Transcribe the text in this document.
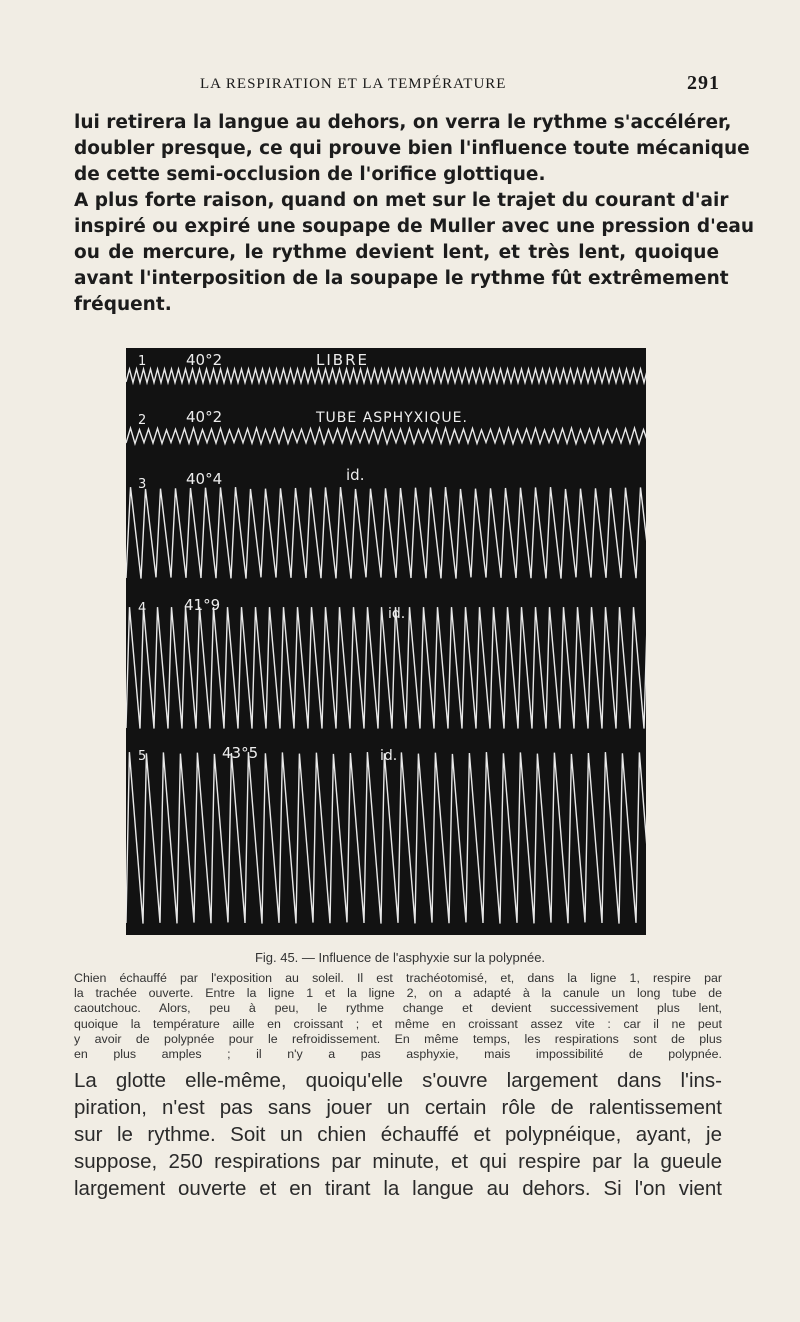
LA RESPIRATION ET LA TEMPÉRATURE	291
lui retirera la langue au dehors, on verra le rythme s'accélérer,
doubler presque, ce qui prouve bien l'influence toute mécanique
de cette semi-occlusion de l'orifice glottique.
A plus forte raison, quand on met sur le trajet du courant d'air
inspiré ou expiré une soupape de Muller avec une pression d'eau
ou de mercure, le rythme devient lent, et très lent, quoique
avant l'interposition de la soupape le rythme fût extrêmement
fréquent.
1	40°2	LIBRE
2	40°2	TUBE ASPHYXIQUE.
3	40°4	id.
4	41°9	id.
5	43°5	id.
Fig. 45. — Influence de l'asphyxie sur la polypnée.
Chien échauffé par l'exposition au soleil. Il est trachéotomisé, et, dans la ligne 1, respire par
la trachée ouverte. Entre la ligne 1 et la ligne 2, on a adapté à la canule un long tube de
caoutchouc. Alors, peu à peu, le rythme change et devient successivement plus lent,
quoique la température aille en croissant ; et même en croissant assez vite : car il ne peut
y avoir de polypnée pour le refroidissement. En même temps, les respirations sont de plus
en plus amples ; il n'y a pas asphyxie, mais impossibilité de polypnée.
La glotte elle-même, quoiqu'elle s'ouvre largement dans l'ins-
piration, n'est pas sans jouer un certain rôle de ralentissement
sur le rythme. Soit un chien échauffé et polypnéique, ayant, je
suppose, 250 respirations par minute, et qui respire par la gueule
largement ouverte et en tirant la langue au dehors. Si l'on vient
